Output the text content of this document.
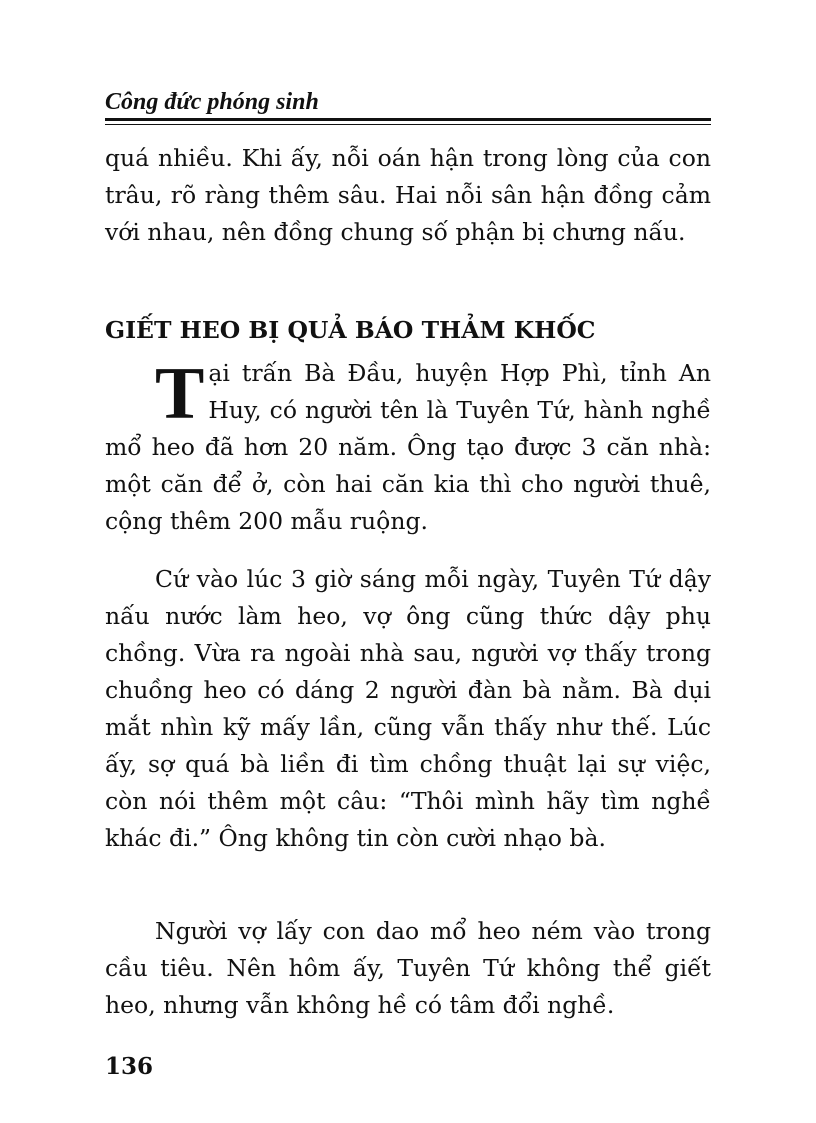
Công đức phóng sinh

quá nhiều. Khi ấy, nỗi oán hận trong lòng của con trâu, rõ ràng thêm sâu. Hai nỗi sân hận đồng cảm với nhau, nên đồng chung số phận bị chưng nấu.

GIẾT HEO BỊ QUẢ BÁO THẢM KHỐC

Tại trấn Bà Đầu, huyện Hợp Phì, tỉnh An Huy, có người tên là Tuyên Tứ, hành nghề mổ heo đã hơn 20 năm. Ông tạo được 3 căn nhà: một căn để ở, còn hai căn kia thì cho người thuê, cộng thêm 200 mẫu ruộng.

Cứ vào lúc 3 giờ sáng mỗi ngày, Tuyên Tứ dậy nấu nước làm heo, vợ ông cũng thức dậy phụ chồng. Vừa ra ngoài nhà sau, người vợ thấy trong chuồng heo có dáng 2 người đàn bà nằm. Bà dụi mắt nhìn kỹ mấy lần, cũng vẫn thấy như thế. Lúc ấy, sợ quá bà liền đi tìm chồng thuật lại sự việc, còn nói thêm một câu: “Thôi mình hãy tìm nghề khác đi.” Ông không tin còn cười nhạo bà.

Người vợ lấy con dao mổ heo ném vào trong cầu tiêu. Nên hôm ấy, Tuyên Tứ không thể giết heo, nhưng vẫn không hề có tâm đổi nghề.

136
